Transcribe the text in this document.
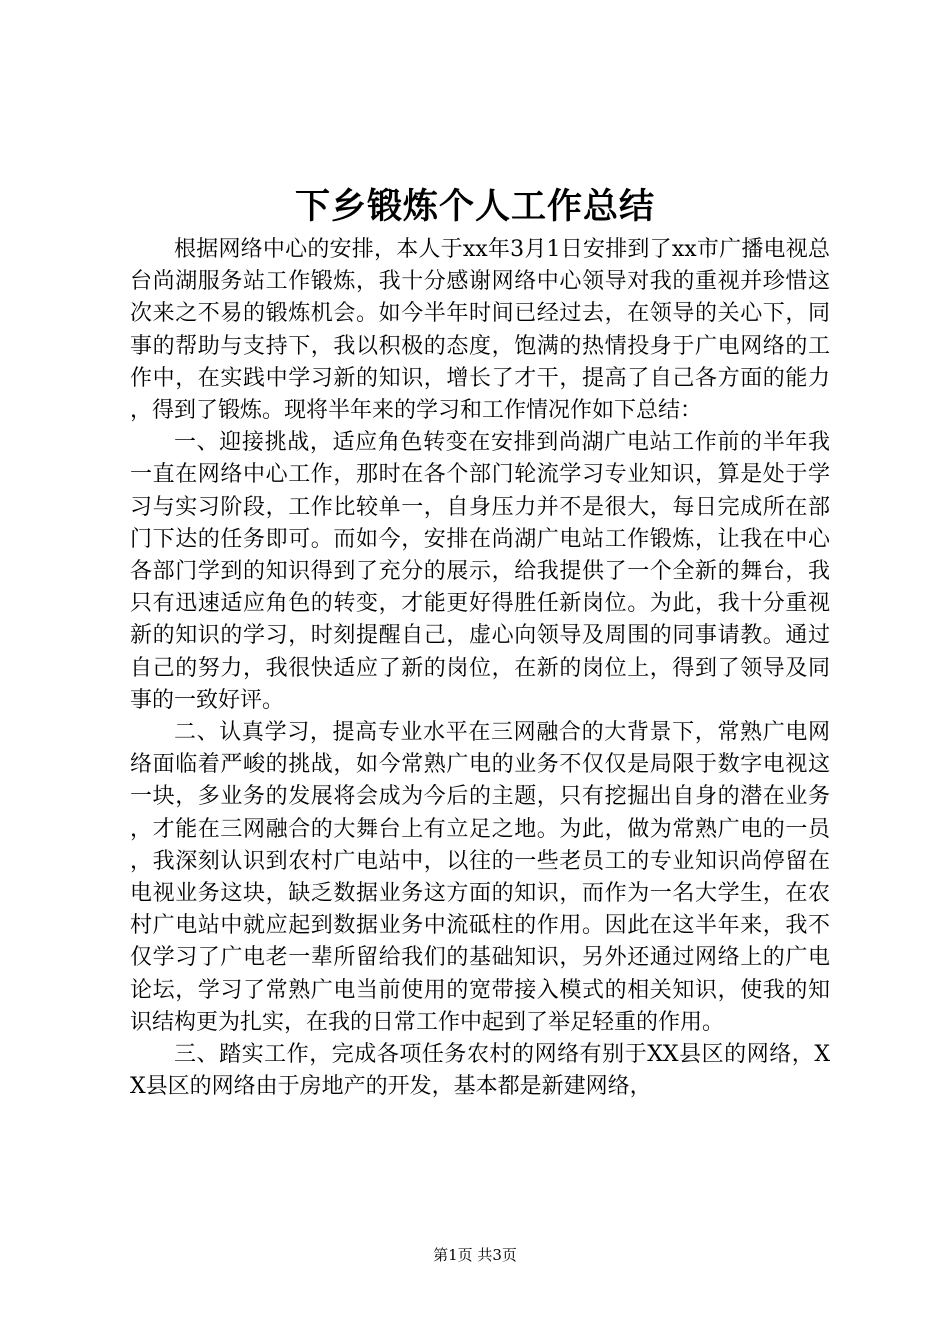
下乡锻炼个人工作总结

根据网络中心的安排，本人于xx年3月1日安排到了xx市广播电视总台尚湖服务站工作锻炼，我十分感谢网络中心领导对我的重视并珍惜这次来之不易的锻炼机会。如今半年时间已经过去，在领导的关心下，同事的帮助与支持下，我以积极的态度，饱满的热情投身于广电网络的工作中，在实践中学习新的知识，增长了才干，提高了自己各方面的能力，得到了锻炼。现将半年来的学习和工作情况作如下总结：

一、迎接挑战，适应角色转变在安排到尚湖广电站工作前的半年我一直在网络中心工作，那时在各个部门轮流学习专业知识，算是处于学习与实习阶段，工作比较单一，自身压力并不是很大，每日完成所在部门下达的任务即可。而如今，安排在尚湖广电站工作锻炼，让我在中心各部门学到的知识得到了充分的展示，给我提供了一个全新的舞台，我只有迅速适应角色的转变，才能更好得胜任新岗位。为此，我十分重视新的知识的学习，时刻提醒自己，虚心向领导及周围的同事请教。通过自己的努力，我很快适应了新的岗位，在新的岗位上，得到了领导及同事的一致好评。

二、认真学习，提高专业水平在三网融合的大背景下，常熟广电网络面临着严峻的挑战，如今常熟广电的业务不仅仅是局限于数字电视这一块，多业务的发展将会成为今后的主题，只有挖掘出自身的潜在业务，才能在三网融合的大舞台上有立足之地。为此，做为常熟广电的一员，我深刻认识到农村广电站中，以往的一些老员工的专业知识尚停留在电视业务这块，缺乏数据业务这方面的知识，而作为一名大学生，在农村广电站中就应起到数据业务中流砥柱的作用。因此在这半年来，我不仅学习了广电老一辈所留给我们的基础知识，另外还通过网络上的广电论坛，学习了常熟广电当前使用的宽带接入模式的相关知识，使我的知识结构更为扎实，在我的日常工作中起到了举足轻重的作用。

三、踏实工作，完成各项任务农村的网络有别于XX县区的网络，XX县区的网络由于房地产的开发，基本都是新建网络，

第1页 共3页
